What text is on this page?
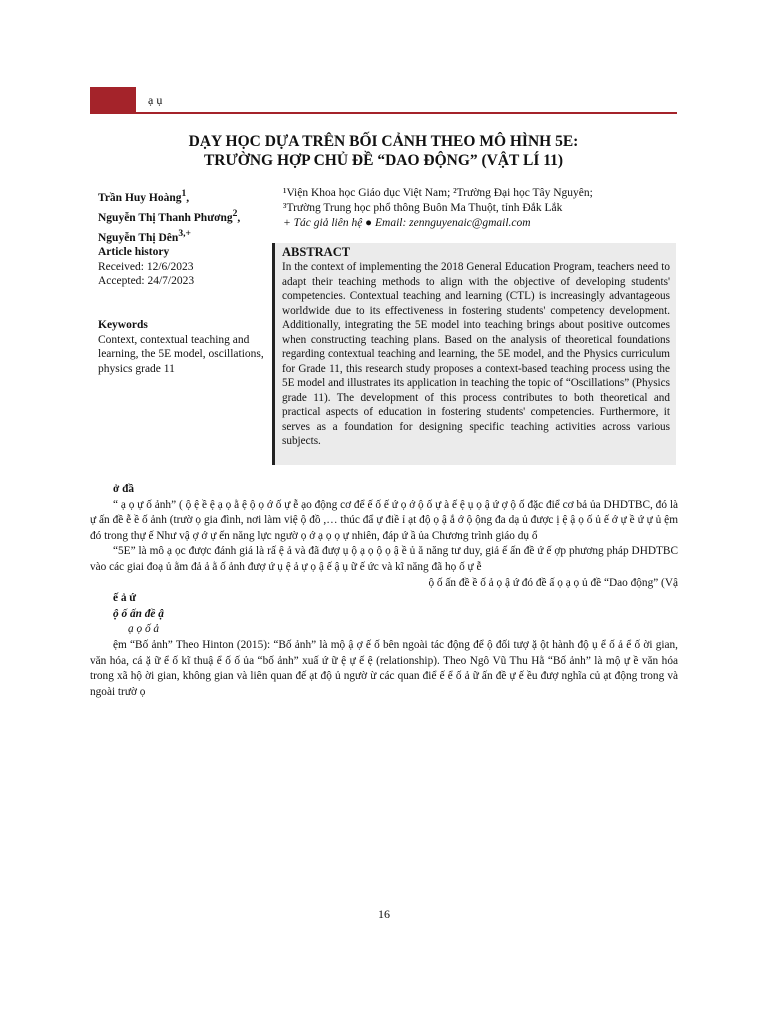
ạ ụ
DẠY HỌC DỰA TRÊN BỐI CẢNH THEO MÔ HÌNH 5E:
TRƯỜNG HỢP CHỦ ĐỀ “DAO ĐỘNG” (VẬT LÍ 11)
Trần Huy Hoàng$^1$,
Nguyễn Thị Thanh Phương$^2$,
Nguyễn Thị Dên$^{3,+}$
¹Viện Khoa học Giáo dục Việt Nam; ²Trường Đại học Tây Nguyên;
³Trường Trung học phổ thông Buôn Ma Thuột, tỉnh Đắk Lắk
+ Tác giả liên hệ ● Email: zennguyenaic@gmail.com
Article history
Received: 12/6/2023
Accepted: 24/7/2023
Keywords
Context, contextual teaching and learning, the 5E model, oscillations, physics grade 11
ABSTRACT
In the context of implementing the 2018 General Education Program, teachers need to adapt their teaching methods to align with the objective of developing students' competencies. Contextual teaching and learning (CTL) is increasingly advantageous worldwide due to its effectiveness in fostering students' competency development. Additionally, integrating the 5E model into teaching brings about positive outcomes when constructing teaching plans. Based on the analysis of theoretical foundations regarding contextual teaching and learning, the 5E model, and the Physics curriculum for Grade 11, this research study proposes a context-based teaching process using the 5E model and illustrates its application in teaching the topic of “Oscillations” (Physics grade 11). The development of this process contributes to both theoretical and practical aspects of education in fostering students' competencies. Furthermore, it serves as a foundation for designing specific teaching activities across various subjects.

ở đầ

“ ạ ọ ự ố ảnh” ( ộ ệ ề ệ ạ ọ ằ ệ ộ ọ ớ ố ự ễ ạo động cơ để ế ố ế ứ ọ ớ ộ ố ự à ế ệ ụ ọ ậ ứ ợ ộ ố đặc điể cơ bả ủa DHDTBC, đó là ự ấn đề ễ ề ố ảnh (trườ ọ gia đình, nơi làm việ ộ đồ ,… thúc đẩ ự điề ỉ ạt độ ọ ậ ắ ớ ộ ộng đa dạ ủ được ị ệ ậ ọ ố ủ ế ớ ự ề ứ ự ủ ệm đó trong thự ế Như vậ ợ ớ ự ến năng lực ngườ ọ ớ ạ ọ ọ ự nhiên, đáp ứ ầ ủa Chương trình giáo dụ ổ

“5E” là mô ạ ọc được đánh giá là rấ ệ ả và đã đượ ụ ộ ạ ọ ộ ọ ậ ề ủ ă năng tư duy, giả ế ấn đề ứ ế ợp phương pháp DHDTBC vào các giai đoạ ủ ằm đả ả ằ ố ảnh đượ ứ ụ ệ ả ự ọ ậ ế ậ ụ ữ ế ức và kĩ năng đã họ ố ự ễ

ộ ố ấn đề ề ố ả ọ ậ ứ đó đề ấ ọ ạ ọ ủ đề “Dao động” (Vậ

ế ả ứ

ộ ố ấn đề ậ

ạ ọ ố ả

ệm “Bố ảnh” Theo Hinton (2015): “Bố ảnh” là mộ ậ ợ ế ố bên ngoài tác động để ộ đối tượ ặ ột hành độ ụ ể ố ả ể ố ời gian, văn hóa, cá ặ ữ ể ố kĩ thuậ ể ố ố ủa “bố ảnh” xuấ ứ ữ ệ ự ế ệ (relationship). Theo Ngô Vũ Thu Hằ “Bố ảnh” là mộ ự ề văn hóa trong xã hộ ời gian, không gian và liên quan đế ạt độ ủ ngườ ừ các quan điể ế ể ố ả ữ ấn đề ự ế ều đượ nghĩa củ ạt động trong và ngoài trườ ọ

16
